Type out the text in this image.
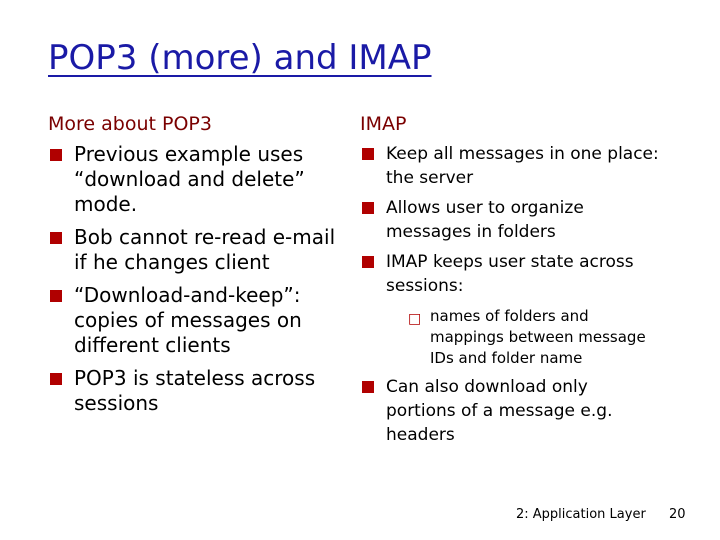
POP3 (more) and IMAP
More about POP3
Previous example uses “download and delete” mode.
Bob cannot re-read e-mail if he changes client
“Download-and-keep”: copies of messages on different clients
POP3 is stateless across sessions
IMAP
Keep all messages in one place: the server
Allows user to organize messages in folders
IMAP keeps user state across sessions:
□ names of folders and mappings between message IDs and folder name
Can also download only portions of a message e.g. headers
2: Application Layer 20
